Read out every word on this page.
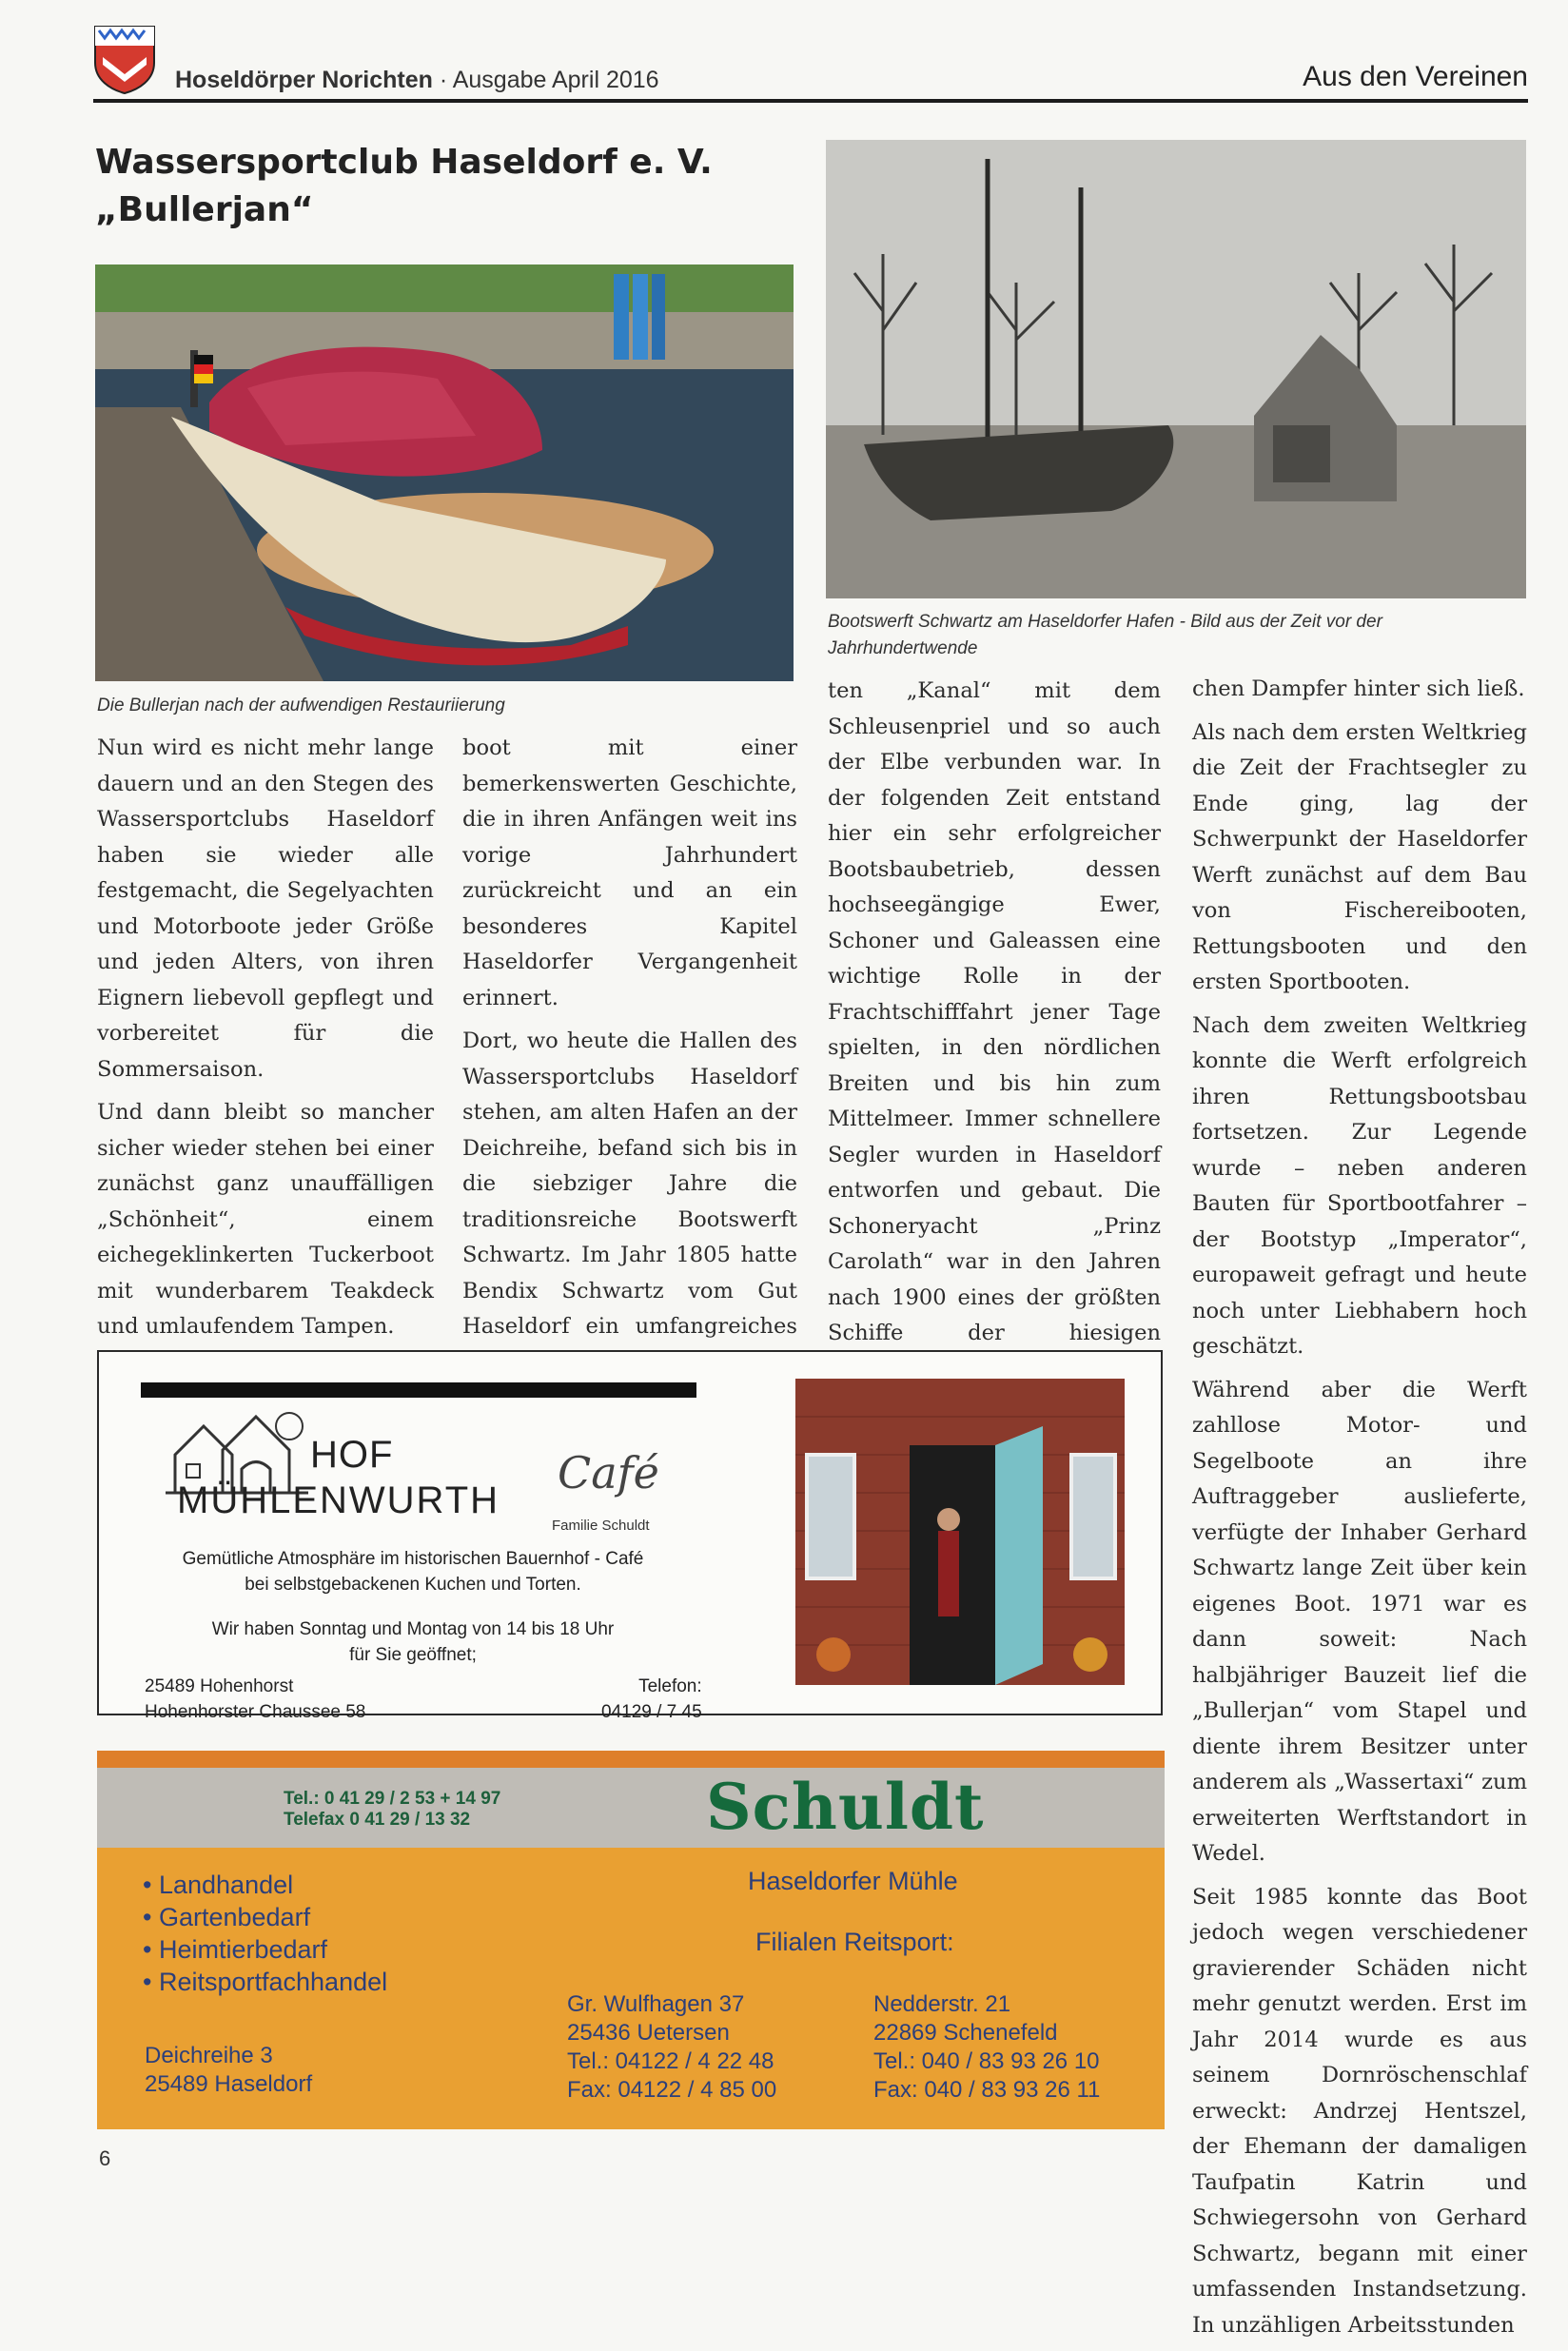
Hoseldörper Norichten · Ausgabe April 2016	Aus den Vereinen
Wassersportclub Haseldorf e. V.
„Bullerjan“
Die Bullerjan nach der aufwendigen Restauriierung
Bootswerft Schwartz am Haseldorfer Hafen - Bild aus der Zeit vor der Jahrhundertwende

Nun wird es nicht mehr lange dauern und an den Stegen des Wassersportclubs Haseldorf haben sie wieder alle festgemacht, die Segelyachten und Motorboote jeder Größe und jeden Alters, von ihren Eignern liebevoll gepflegt und vorbereitet für die Sommersaison.

Und dann bleibt so mancher sicher wieder stehen bei einer zunächst ganz unauffälligen „Schönheit“, einem eichegeklinkerten Tuckerboot mit wunderbarem Teakdeck und umlaufendem Tampen.

boot mit einer bemerkenswerten Geschichte, die in ihren Anfängen weit ins vorige Jahrhundert zurückreicht und an ein besonderes Kapitel Haseldorfer Vergangenheit erinnert.

Dort, wo heute die Hallen des Wassersportclubs Haseldorf stehen, am alten Hafen an der Deichreihe, befand sich bis in die siebziger Jahre die traditionsreiche Bootswerft Schwartz. Im Jahr 1805 hatte Bendix Schwartz vom Gut Haseldorf ein umfangreiches

ten „Kanal“ mit dem Schleusenpriel und so auch der Elbe verbunden war. In der folgenden Zeit entstand hier ein sehr erfolgreicher Bootsbaubetrieb, dessen hochseegängige Ewer, Schoner und Galeassen eine wichtige Rolle in der Frachtschifffahrt jener Tage spielten, in den nördlichen Breiten und bis hin zum Mittelmeer. Immer schnellere Segler wurden in Haseldorf entworfen und gebaut. Die Schoneryacht „Prinz Carolath“ war in den Jahren nach 1900 eines der größten Schiffe der hiesigen

chen Dampfer hinter sich ließ.

Als nach dem ersten Weltkrieg die Zeit der Frachtsegler zu Ende ging, lag der Schwerpunkt der Haseldorfer Werft zunächst auf dem Bau von Fischereibooten, Rettungsbooten und den ersten Sportbooten.

Nach dem zweiten Weltkrieg konnte die Werft erfolgreich ihren Rettungsbootsbau fortsetzen. Zur Legende wurde – neben anderen Bauten für Sportbootfahrer – der Bootstyp „Imperator“, europaweit gefragt und heute noch unter Liebhabern hoch geschätzt.

Während aber die Werft zahllose Motor- und Segelboote an ihre Auftraggeber auslieferte, verfügte der Inhaber Gerhard Schwartz lange Zeit über kein eigenes Boot. 1971 war es dann soweit: Nach halbjähriger Bauzeit lief die „Bullerjan“ vom Stapel und diente ihrem Besitzer unter anderem als „Wassertaxi“ zum erweiterten Werftstandort in Wedel.

Seit 1985 konnte das Boot jedoch wegen verschiedener gravierender Schäden nicht mehr genutzt werden. Erst im Jahr 2014 wurde es aus seinem Dornröschenschlaf erweckt: Andrzej Hentszel, der Ehemann der damaligen Taufpatin Katrin und Schwiegersohn von Gerhard Schwartz, begann mit einer umfassenden Instandsetzung. In unzähligen Arbeitsstunden

HOF
MÜHLENWURTH
Café
Familie Schuldt
Gemütliche Atmosphäre im historischen Bauernhof - Café
bei selbstgebackenen Kuchen und Torten.
Wir haben Sonntag und Montag von 14 bis 18 Uhr
für Sie geöffnet;
25489 Hohenhorst
Hohenhorster Chaussee 58
Telefon:
04129 / 7 45
Tel.: 0 41 29 / 2 53 + 14 97
Telefax 0 41 29 / 13 32	Schuldt
Haseldorfer Mühle
Filialen Reitsport:
• Landhandel
• Gartenbedarf
• Heimtierbedarf
• Reitsportfachhandel
Deichreihe 3
25489 Haseldorf
Gr. Wulfhagen 37
25436 Uetersen
Tel.: 04122 / 4 22 48
Fax: 04122 / 4 85 00
Nedderstr. 21
22869 Schenefeld
Tel.: 040 / 83 93 26 10
Fax: 040 / 83 93 26 11
6
